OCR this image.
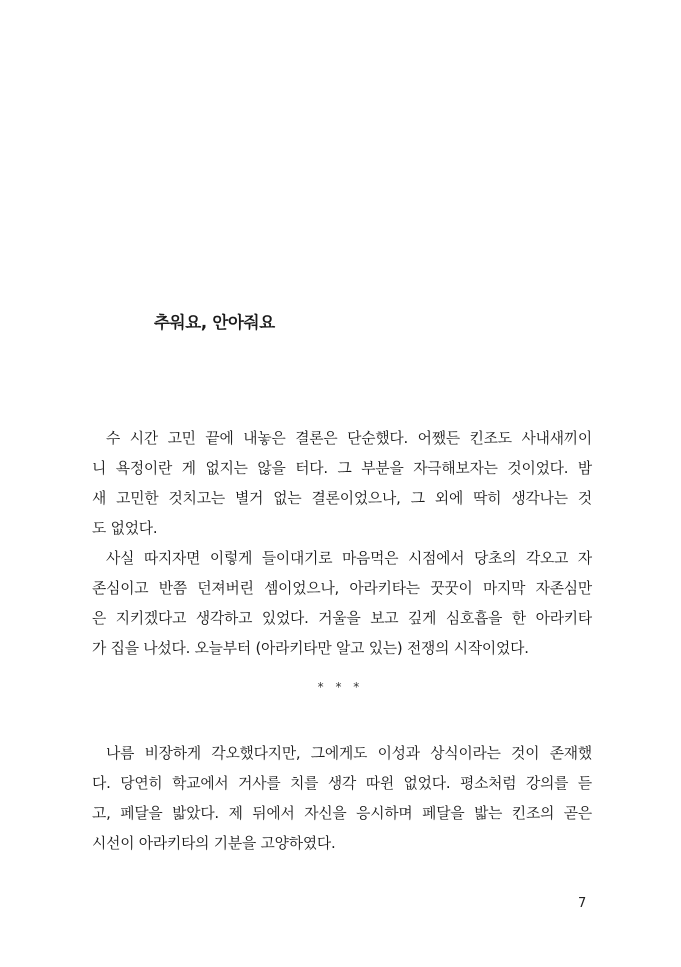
추워요, 안아줘요
수 시간 고민 끝에 내놓은 결론은 단순했다. 어쨌든 킨조도 사내새끼이
니 욕정이란 게 없지는 않을 터다. 그 부분을 자극해보자는 것이었다. 밤
새 고민한 것치고는 별거 없는 결론이었으나, 그 외에 딱히 생각나는 것
도 없었다.
사실 따지자면 이렇게 들이대기로 마음먹은 시점에서 당초의 각오고 자
존심이고 반쯤 던져버린 셈이었으나, 아라키타는 꿋꿋이 마지막 자존심만
은 지키겠다고 생각하고 있었다. 거울을 보고 깊게 심호흡을 한 아라키타
가 집을 나섰다. 오늘부터 (아라키타만 알고 있는) 전쟁의 시작이었다.
* * *
나름 비장하게 각오했다지만, 그에게도 이성과 상식이라는 것이 존재했
다. 당연히 학교에서 거사를 치를 생각 따윈 없었다. 평소처럼 강의를 듣
고, 페달을 밟았다. 제 뒤에서 자신을 응시하며 페달을 밟는 킨조의 곧은
시선이 아라키타의 기분을 고양하였다.
7
